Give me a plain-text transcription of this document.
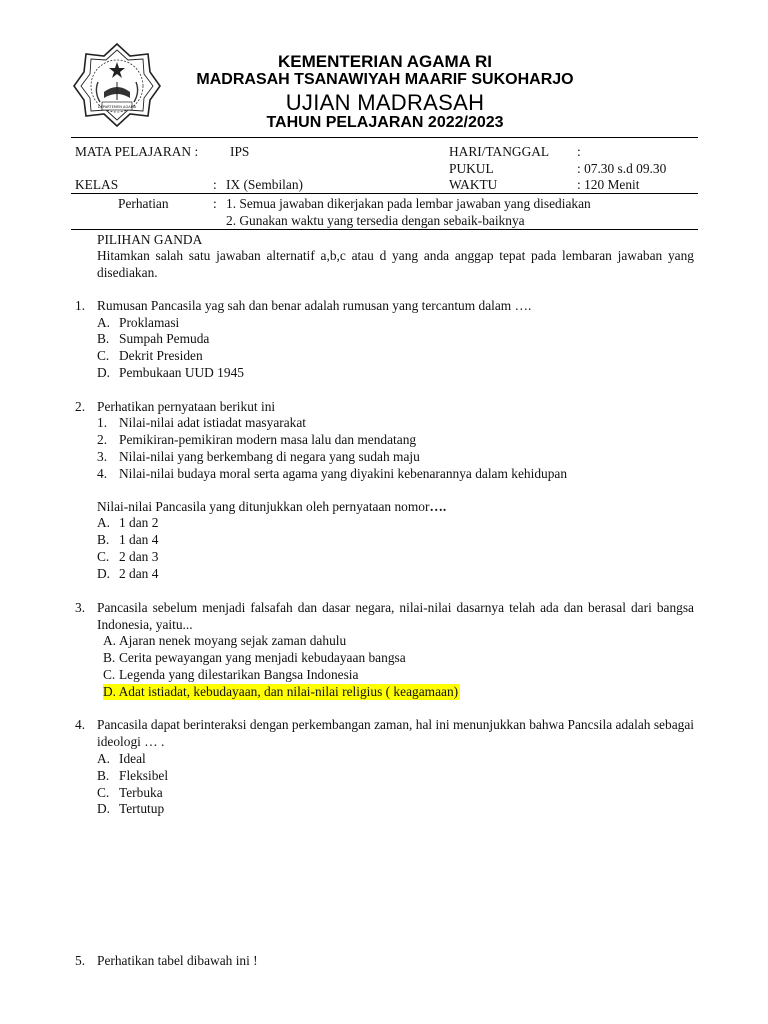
DEPARTEMEN AGAMA
KEMENTERIAN AGAMA RI
MADRASAH TSANAWIYAH MAARIF SUKOHARJO
UJIAN MADRASAH
TAHUN PELAJARAN 2022/2023
MATA PELAJARAN : IPS	HARI/TANGGAL :
PUKUL	: 07.30 s.d 09.30
KELAS	: IX (Sembilan)	WAKTU	: 120 Menit
Perhatian	: 1. Semua jawaban dikerjakan pada lembar jawaban yang disediakan
2. Gunakan waktu yang tersedia dengan sebaik-baiknya
PILIHAN GANDA
Hitamkan salah satu jawaban alternatif a,b,c atau d yang anda anggap tepat pada lembaran jawaban yang disediakan.
1. Rumusan Pancasila yag sah dan benar adalah rumusan yang tercantum dalam ….
A. Proklamasi
B. Sumpah Pemuda
C. Dekrit Presiden
D. Pembukaan UUD 1945
2. Perhatikan pernyataan berikut ini
1. Nilai-nilai adat istiadat masyarakat
2. Pemikiran-pemikiran modern masa lalu dan mendatang
3. Nilai-nilai yang berkembang di negara yang sudah maju
4. Nilai-nilai budaya moral serta agama yang diyakini kebenarannya dalam kehidupan
Nilai-nilai Pancasila yang ditunjukkan oleh pernyataan nomor….
A. 1 dan 2
B. 1 dan 4
C. 2 dan 3
D. 2 dan 4
3. Pancasila sebelum menjadi falsafah dan dasar negara, nilai-nilai dasarnya telah ada dan berasal dari bangsa Indonesia, yaitu...
A. Ajaran nenek moyang sejak zaman dahulu
B. Cerita pewayangan yang menjadi kebudayaan bangsa
C. Legenda yang dilestarikan Bangsa Indonesia
D. Adat istiadat, kebudayaan, dan nilai-nilai religius ( keagamaan)
4. Pancasila dapat berinteraksi dengan perkembangan zaman, hal ini menunjukkan bahwa Pancsila adalah sebagai ideologi … .
A. Ideal
B. Fleksibel
C. Terbuka
D. Tertutup
5. Perhatikan tabel dibawah ini !
